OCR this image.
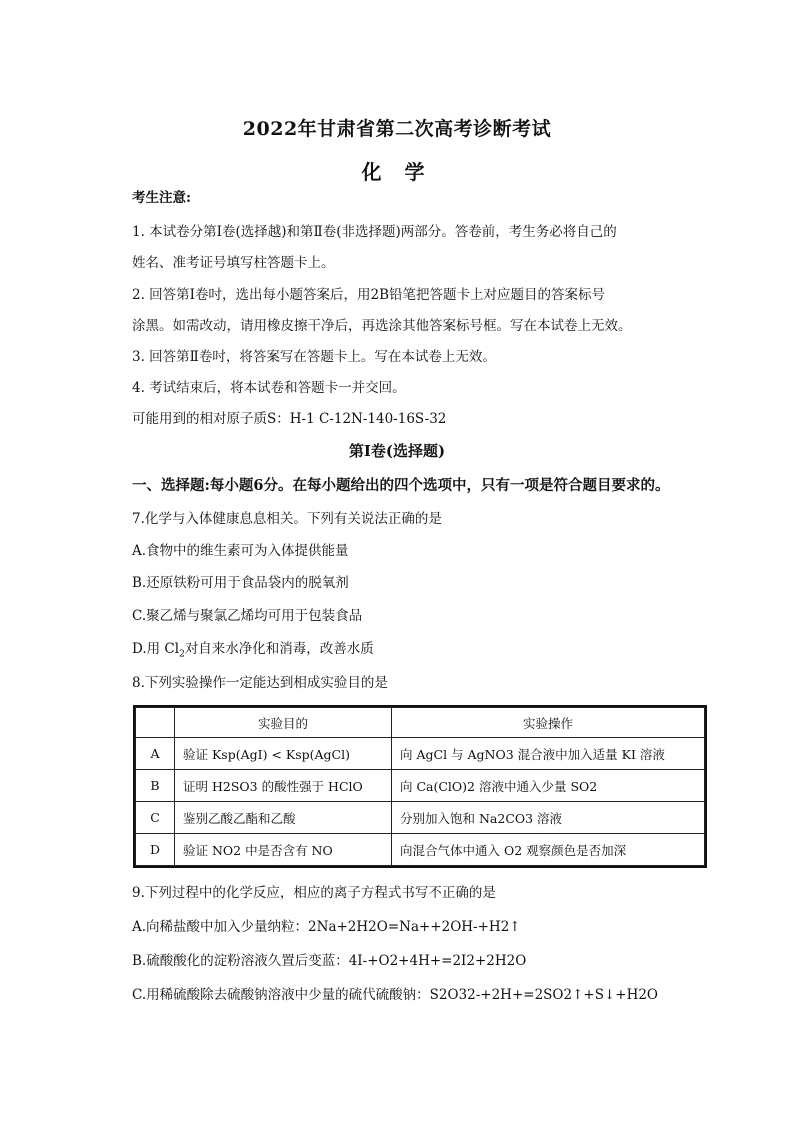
2022年甘肃省第二次高考诊断考试
化 学
考生注意:
1. 本试卷分第Ⅰ卷(选择越)和第Ⅱ卷(非选择题)两部分。答卷前，考生务必将自己的
姓名、准考证号填写柱答题卡上。
2. 回答第Ⅰ卷吋，选出每小题答案后，用2B铅笔把答题卡上对应题目的答案标号
涂黑。如需改动，请用橡皮擦干净后，再选涂其他答案标号框。写在本试卷上无效。
3. 回答第Ⅱ卷吋，将答案写在答题卡上。写在本试卷上无效。
4. 考试结束后，将本试卷和答题卡一并交回。
可能用到的相对原子质S：H-1 C-12N-140-16S-32
第Ⅰ卷(选择题)
一、选择题:每小题6分。在每小题给出的四个选项中，只有一项是符合题目要求的。
7.化学与入体健康息息相关。下列有关说法正确的是
A.食物中的维生素可为入体提供能量
B.还原铁粉可用于食品袋内的脱氧剂
C.聚乙烯与聚氯乙烯均可用于包装食品
D.用 $Cl_2$对自来水净化和消毒，改善水质
8.下列实验操作一定能达到相成实验目的是
	实验目的	实验操作
A	验证 Ksp(AgI) < Ksp(AgCl)	向 AgCl 与 AgNO3 混合液中加入适量 KI 溶液
B	证明 H2SO3 的酸性强于 HClO	向 Ca(ClO)2 溶液中通入少量 SO2
C	鉴别乙酸乙酯和乙酸	分别加入饱和 Na2CO3 溶液
D	验证 NO2 中是否含有 NO	向混合气体中通入 O2 观察颜色是否加深
9.下列过程中的化学反应，相应的离子方程式书写不正确的是
A.向稀盐酸中加入少量纳粒：2Na+2H2O=Na++2OH-+H2↑
B.硫酸酸化的淀粉溶液久置后变蓝：4I-+O2+4H+=2I2+2H2O
C.用稀硫酸除去硫酸钠溶液中少量的硫代硫酸钠：S2O32-+2H+=2SO2↑+S↓+H2O
